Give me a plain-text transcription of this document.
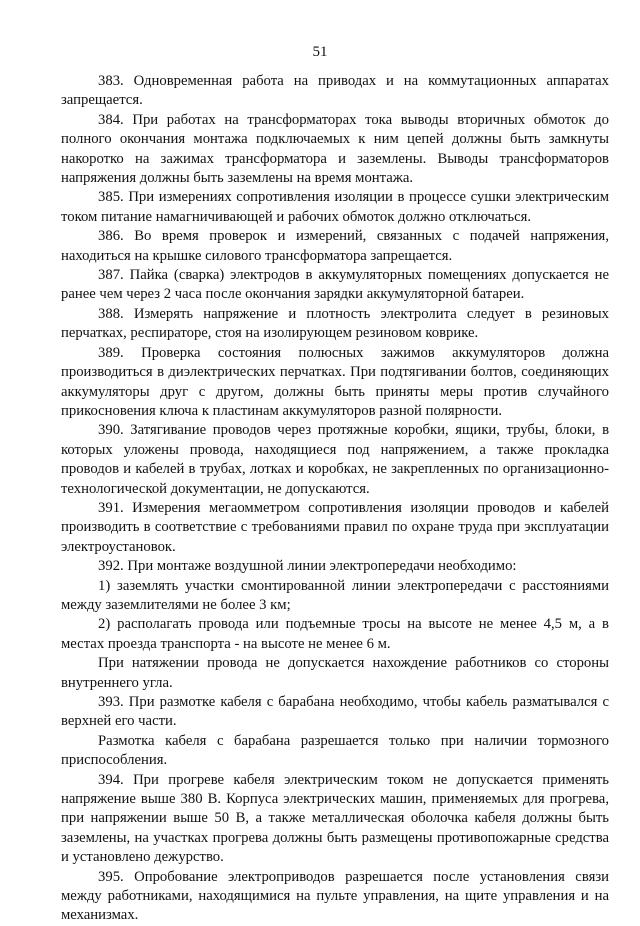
51

383. Одновременная работа на приводах и на коммутационных аппаратах запрещается.

384. При работах на трансформаторах тока выводы вторичных обмоток до полного окончания монтажа подключаемых к ним цепей должны быть замкнуты накоротко на зажимах трансформатора и заземлены. Выводы трансформаторов напряжения должны быть заземлены на время монтажа.

385. При измерениях сопротивления изоляции в процессе сушки электрическим током питание намагничивающей и рабочих обмоток должно отключаться.

386. Во время проверок и измерений, связанных с подачей напряжения, находиться на крышке силового трансформатора запрещается.

387. Пайка (сварка) электродов в аккумуляторных помещениях допускается не ранее чем через 2 часа после окончания зарядки аккумуляторной батареи.

388. Измерять напряжение и плотность электролита следует в резиновых перчатках, респираторе, стоя на изолирующем резиновом коврике.

389. Проверка состояния полюсных зажимов аккумуляторов должна производиться в диэлектрических перчатках. При подтягивании болтов, соединяющих аккумуляторы друг с другом, должны быть приняты меры против случайного прикосновения ключа к пластинам аккумуляторов разной полярности.

390. Затягивание проводов через протяжные коробки, ящики, трубы, блоки, в которых уложены провода, находящиеся под напряжением, а также прокладка проводов и кабелей в трубах, лотках и коробках, не закрепленных по организационно-технологической документации, не допускаются.

391. Измерения мегаомметром сопротивления изоляции проводов и кабелей производить в соответствие с требованиями правил по охране труда при эксплуатации электроустановок.

392. При монтаже воздушной линии электропередачи необходимо:

1) заземлять участки смонтированной линии электропередачи с расстояниями между заземлителями не более 3 км;

2) располагать провода или подъемные тросы на высоте не менее 4,5 м, а в местах проезда транспорта - на высоте не менее 6 м.

При натяжении провода не допускается нахождение работников со стороны внутреннего угла.

393. При размотке кабеля с барабана необходимо, чтобы кабель разматывался с верхней его части.

Размотка кабеля с барабана разрешается только при наличии тормозного приспособления.

394. При прогреве кабеля электрическим током не допускается применять напряжение выше 380 В. Корпуса электрических машин, применяемых для прогрева, при напряжении выше 50 В, а также металлическая оболочка кабеля должны быть заземлены, на участках прогрева должны быть размещены противопожарные средства и установлено дежурство.

395. Опробование электроприводов разрешается после установления связи между работниками, находящимися на пульте управления, на щите управления и на механизмах.
